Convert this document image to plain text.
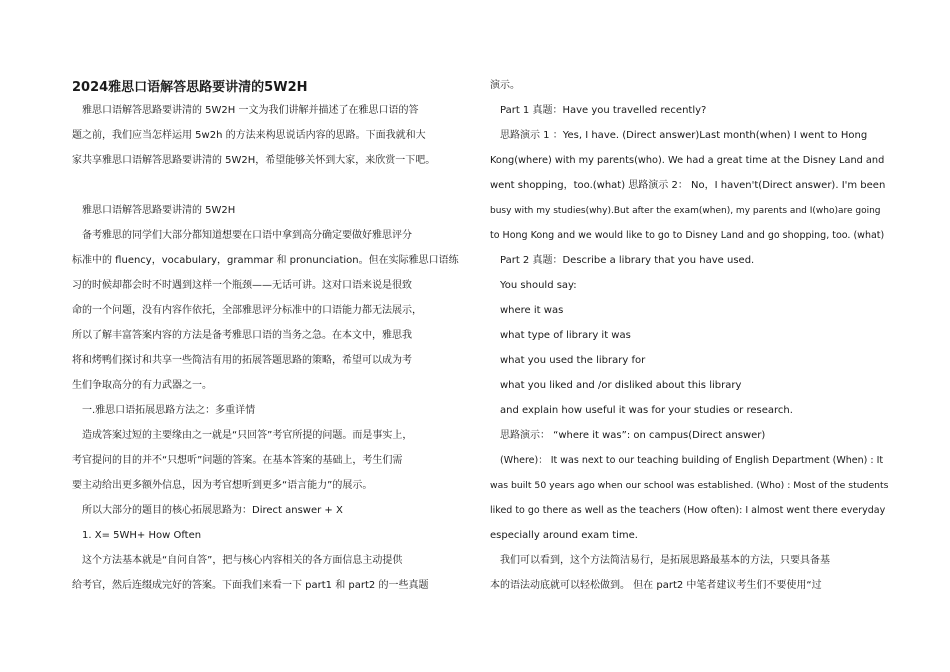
2024雅思口语解答思路要讲清的5W2H
雅思口语解答思路要讲清的 5W2H 一文为我们讲解并描述了在雅思口语的答
题之前，我们应当怎样运用 5w2h 的方法来构思说话内容的思路。下面我就和大
家共享雅思口语解答思路要讲清的 5W2H，希望能够关怀到大家，来欣赏一下吧。
雅思口语解答思路要讲清的 5W2H
备考雅思的同学们大部分都知道想要在口语中拿到高分确定要做好雅思评分
标准中的 fluency，vocabulary，grammar 和 pronunciation。但在实际雅思口语练
习的时候却都会时不时遇到这样一个瓶颈——无话可讲。这对口语来说是很致
命的一个问题，没有内容作依托，全部雅思评分标准中的口语能力都无法展示，
所以了解丰富答案内容的方法是备考雅思口语的当务之急。在本文中，雅思我
将和烤鸭们探讨和共享一些简洁有用的拓展答题思路的策略，希望可以成为考
生们争取高分的有力武器之一。
一.雅思口语拓展思路方法之：多重详情
造成答案过短的主要缘由之一就是“只回答”考官所提的问题。而是事实上，
考官提问的目的并不“只想听”问题的答案。在基本答案的基础上，考生们需
要主动给出更多额外信息，因为考官想听到更多“语言能力”的展示。
所以大部分的题目的核心拓展思路为：Direct answer + X
1. X= 5WH+ How Often
这个方法基本就是“自问自答”，把与核心内容相关的各方面信息主动提供
给考官，然后连缀成完好的答案。下面我们来看一下 part1 和 part2 的一些真题
演示。
Part 1 真题：Have you travelled recently?
思路演示 1 ：Yes, I have. (Direct answer)Last month(when) I went to Hong
Kong(where) with my parents(who). We had a great time at the Disney Land and
went shopping，too.(what) 思路演示 2： No，I haven't(Direct answer). I'm been
busy with my studies(why).But after the exam(when), my parents and I(who)are going
to Hong Kong and we would like to go to Disney Land and go shopping, too. (what)
Part 2 真题：Describe a library that you have used.
You should say:
where it was
what type of library it was
what you used the library for
what you liked and /or disliked about this library
and explain how useful it was for your studies or research.
思路演示： “where it was”: on campus(Direct answer)
(Where)： It was next to our teaching building of English Department (When) : It
was built 50 years ago when our school was established. (Who) : Most of the students
liked to go there as well as the teachers (How often): I almost went there everyday
especially around exam time.
我们可以看到，这个方法简洁易行，是拓展思路最基本的方法，只要具备基
本的语法动底就可以轻松做到。 但在 part2 中笔者建议考生们不要使用“过
